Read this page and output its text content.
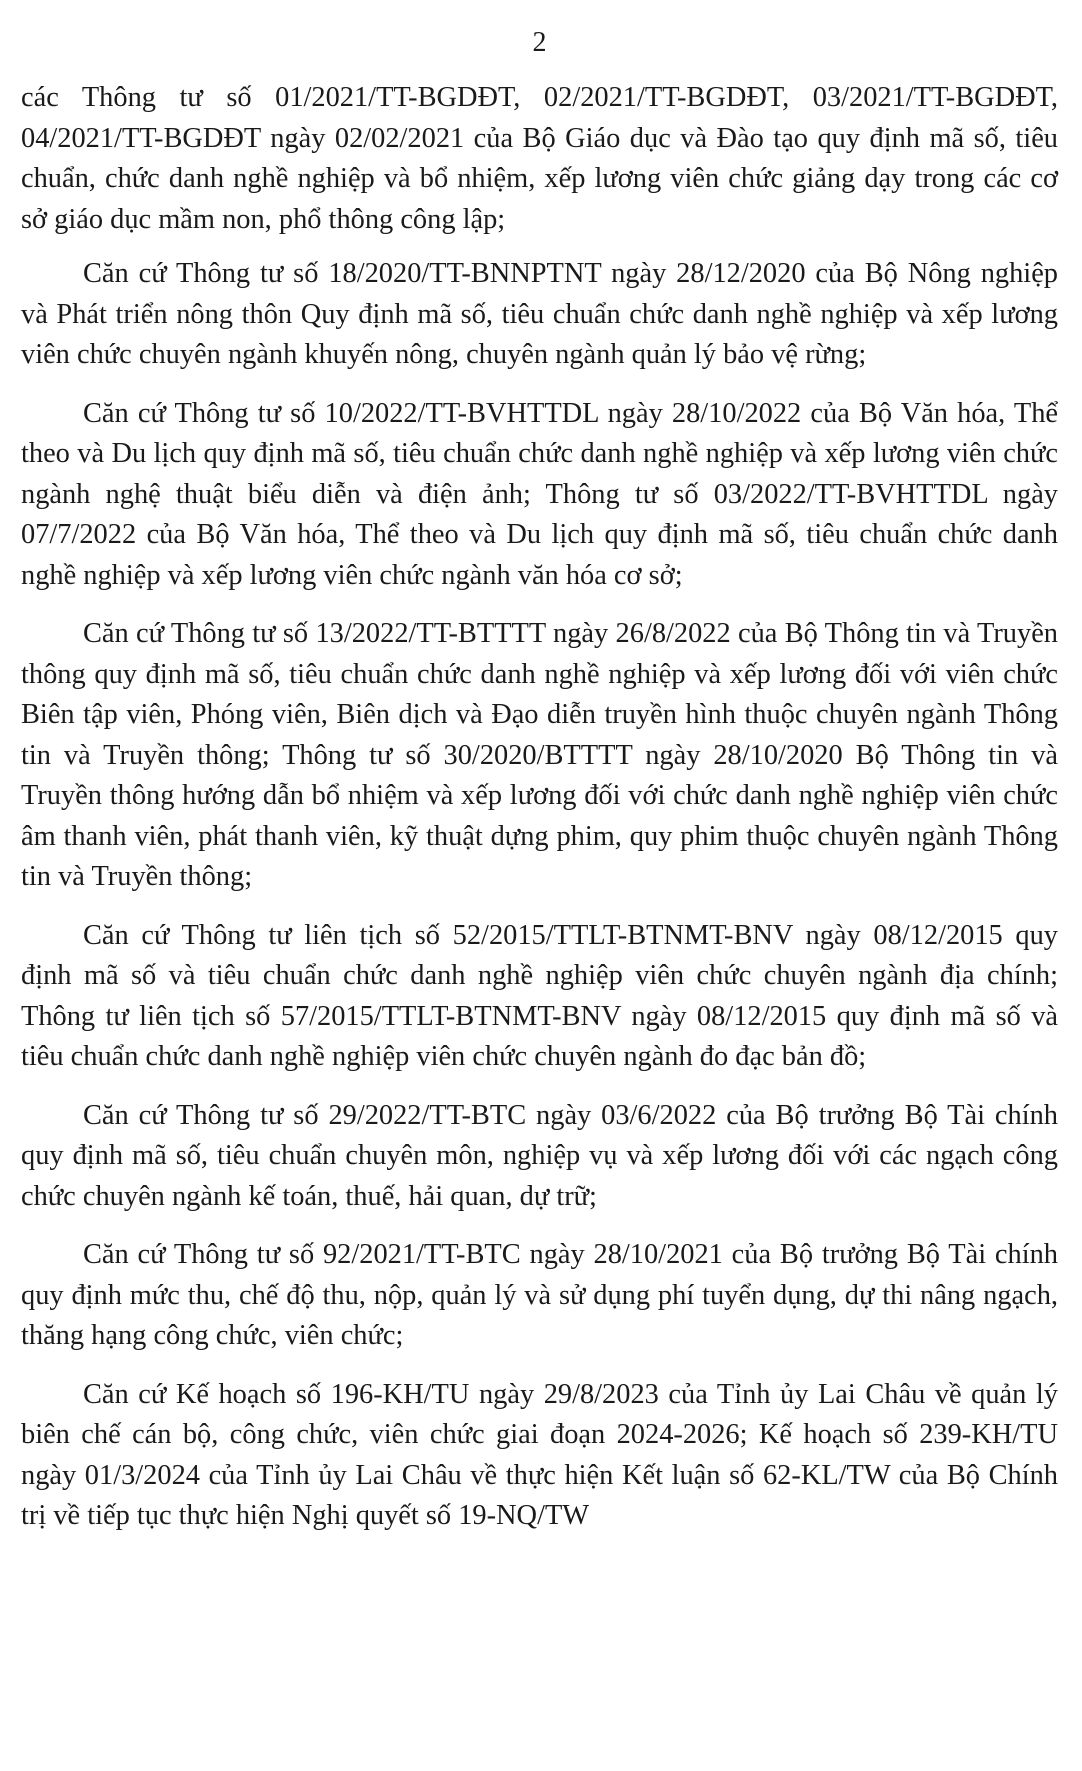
2

các Thông tư số 01/2021/TT-BGDĐT, 02/2021/TT-BGDĐT, 03/2021/TT-BGDĐT, 04/2021/TT-BGDĐT ngày 02/02/2021 của Bộ Giáo dục và Đào tạo quy định mã số, tiêu chuẩn, chức danh nghề nghiệp và bổ nhiệm, xếp lương viên chức giảng dạy trong các cơ sở giáo dục mầm non, phổ thông công lập;

Căn cứ Thông tư số 18/2020/TT-BNNPTNT ngày 28/12/2020 của Bộ Nông nghiệp và Phát triển nông thôn Quy định mã số, tiêu chuẩn chức danh nghề nghiệp và xếp lương viên chức chuyên ngành khuyến nông, chuyên ngành quản lý bảo vệ rừng;

Căn cứ Thông tư số 10/2022/TT-BVHTTDL ngày 28/10/2022 của Bộ Văn hóa, Thể theo và Du lịch quy định mã số, tiêu chuẩn chức danh nghề nghiệp và xếp lương viên chức ngành nghệ thuật biểu diễn và điện ảnh; Thông tư số 03/2022/TT-BVHTTDL ngày 07/7/2022 của Bộ Văn hóa, Thể theo và Du lịch quy định mã số, tiêu chuẩn chức danh nghề nghiệp và xếp lương viên chức ngành văn hóa cơ sở;

Căn cứ Thông tư số 13/2022/TT-BTTTT ngày 26/8/2022 của Bộ Thông tin và Truyền thông quy định mã số, tiêu chuẩn chức danh nghề nghiệp và xếp lương đối với viên chức Biên tập viên, Phóng viên, Biên dịch và Đạo diễn truyền hình thuộc chuyên ngành Thông tin và Truyền thông; Thông tư số 30/2020/BTTTT ngày 28/10/2020 Bộ Thông tin và Truyền thông hướng dẫn bổ nhiệm và xếp lương đối với chức danh nghề nghiệp viên chức âm thanh viên, phát thanh viên, kỹ thuật dựng phim, quy phim thuộc chuyên ngành Thông tin và Truyền thông;

Căn cứ Thông tư liên tịch số 52/2015/TTLT-BTNMT-BNV ngày 08/12/2015 quy định mã số và tiêu chuẩn chức danh nghề nghiệp viên chức chuyên ngành địa chính; Thông tư liên tịch số 57/2015/TTLT-BTNMT-BNV ngày 08/12/2015 quy định mã số và tiêu chuẩn chức danh nghề nghiệp viên chức chuyên ngành đo đạc bản đồ;

Căn cứ Thông tư số 29/2022/TT-BTC ngày 03/6/2022 của Bộ trưởng Bộ Tài chính quy định mã số, tiêu chuẩn chuyên môn, nghiệp vụ và xếp lương đối với các ngạch công chức chuyên ngành kế toán, thuế, hải quan, dự trữ;

Căn cứ Thông tư số 92/2021/TT-BTC ngày 28/10/2021 của Bộ trưởng Bộ Tài chính quy định mức thu, chế độ thu, nộp, quản lý và sử dụng phí tuyển dụng, dự thi nâng ngạch, thăng hạng công chức, viên chức;

Căn cứ Kế hoạch số 196-KH/TU ngày 29/8/2023 của Tỉnh ủy Lai Châu về quản lý biên chế cán bộ, công chức, viên chức giai đoạn 2024-2026; Kế hoạch số 239-KH/TU ngày 01/3/2024 của Tỉnh ủy Lai Châu về thực hiện Kết luận số 62-KL/TW của Bộ Chính trị về tiếp tục thực hiện Nghị quyết số 19-NQ/TW
